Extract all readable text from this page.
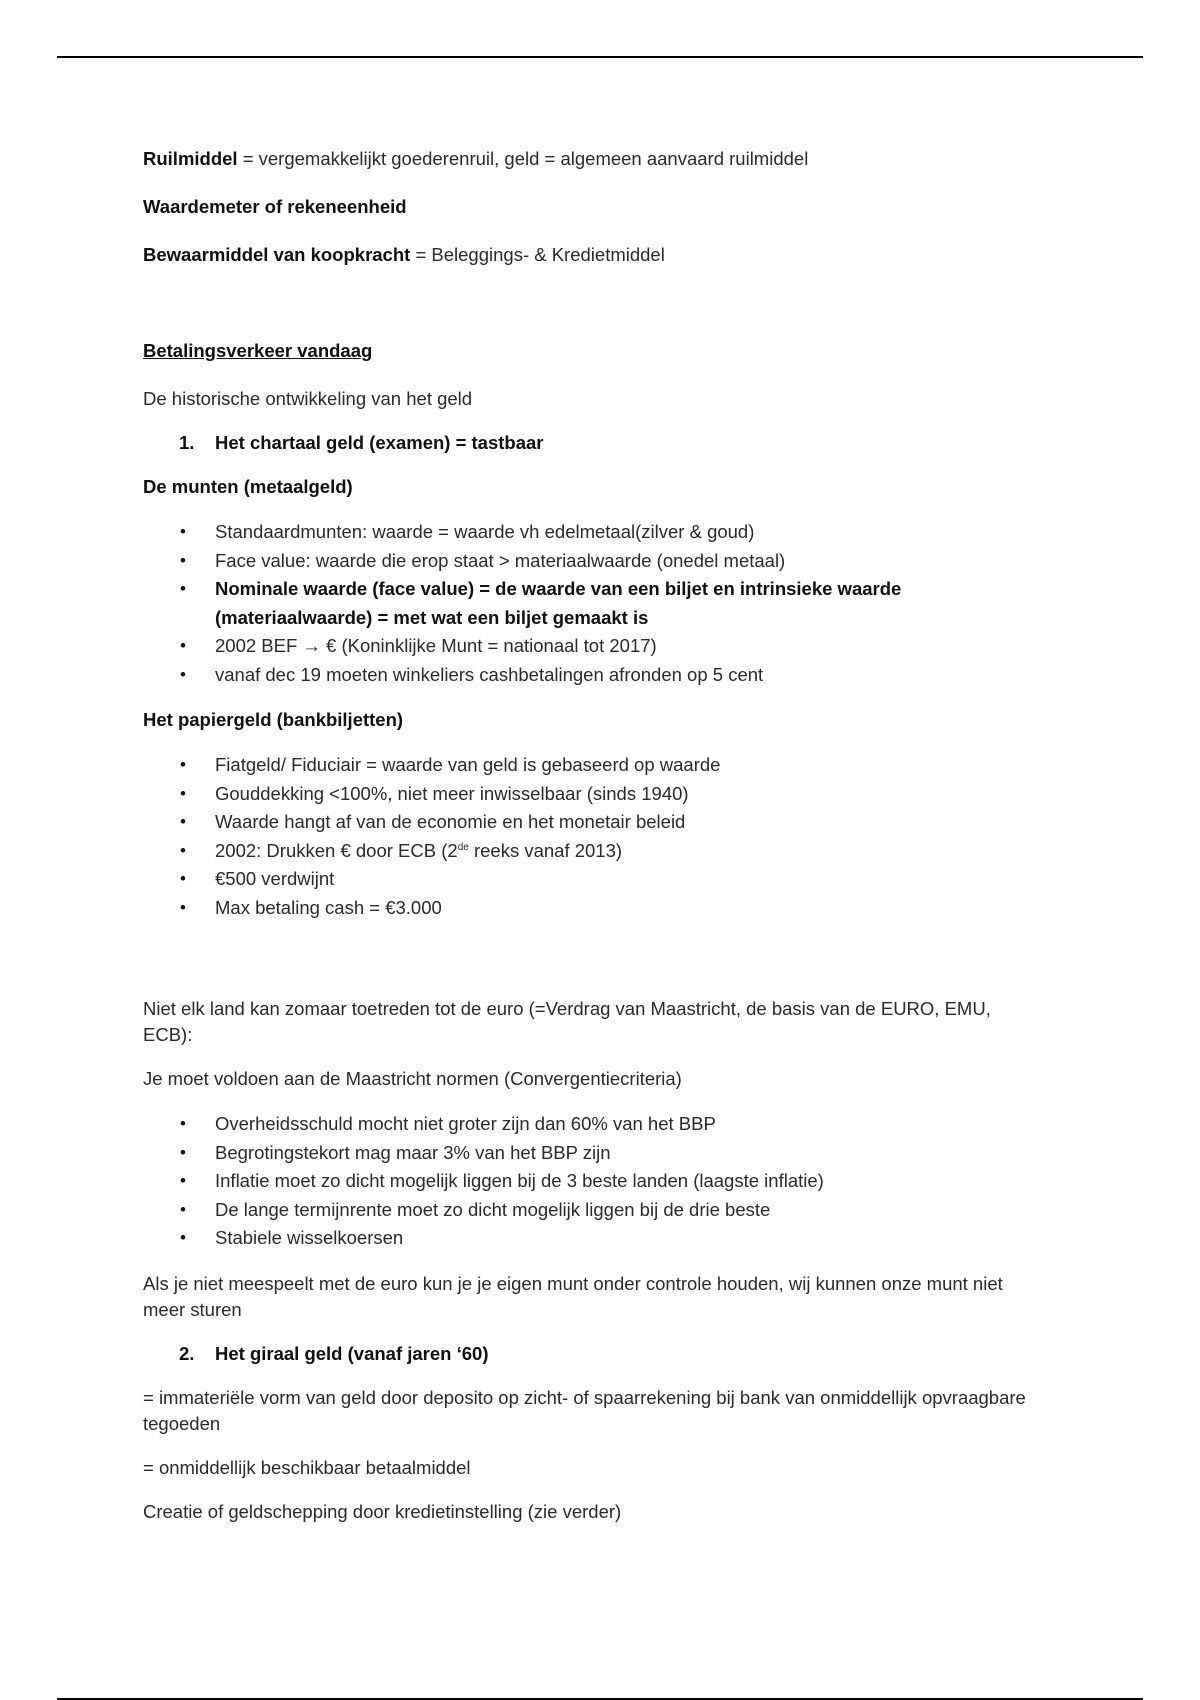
Ruilmiddel = vergemakkelijkt goederenruil, geld = algemeen aanvaard ruilmiddel

Waardemeter of rekeneenheid

Bewaarmiddel van koopkracht = Beleggings- & Kredietmiddel

Betalingsverkeer vandaag

De historische ontwikkeling van het geld

1. Het chartaal geld (examen) = tastbaar

De munten (metaalgeld)

• Standaardmunten: waarde = waarde vh edelmetaal(zilver & goud)
• Face value: waarde die erop staat > materiaalwaarde (onedel metaal)
• Nominale waarde (face value) = de waarde van een biljet en intrinsieke waarde (materiaalwaarde) = met wat een biljet gemaakt is
• 2002 BEF → € (Koninklijke Munt = nationaal tot 2017)
• vanaf dec 19 moeten winkeliers cashbetalingen afronden op 5 cent

Het papiergeld (bankbiljetten)

• Fiatgeld/ Fiduciair = waarde van geld is gebaseerd op waarde
• Gouddekking <100%, niet meer inwisselbaar (sinds 1940)
• Waarde hangt af van de economie en het monetair beleid
• 2002: Drukken € door ECB (2de reeks vanaf 2013)
• €500 verdwijnt
• Max betaling cash = €3.000

Niet elk land kan zomaar toetreden tot de euro (=Verdrag van Maastricht, de basis van de EURO, EMU, ECB):

Je moet voldoen aan de Maastricht normen (Convergentiecriteria)

• Overheidsschuld mocht niet groter zijn dan 60% van het BBP
• Begrotingstekort mag maar 3% van het BBP zijn
• Inflatie moet zo dicht mogelijk liggen bij de 3 beste landen (laagste inflatie)
• De lange termijnrente moet zo dicht mogelijk liggen bij de drie beste
• Stabiele wisselkoersen

Als je niet meespeelt met de euro kun je je eigen munt onder controle houden, wij kunnen onze munt niet meer sturen

2. Het giraal geld (vanaf jaren ‘60)

= immateriële vorm van geld door deposito op zicht- of spaarrekening bij bank van onmiddellijk opvraagbare tegoeden

= onmiddellijk beschikbaar betaalmiddel

Creatie of geldschepping door kredietinstelling (zie verder)
